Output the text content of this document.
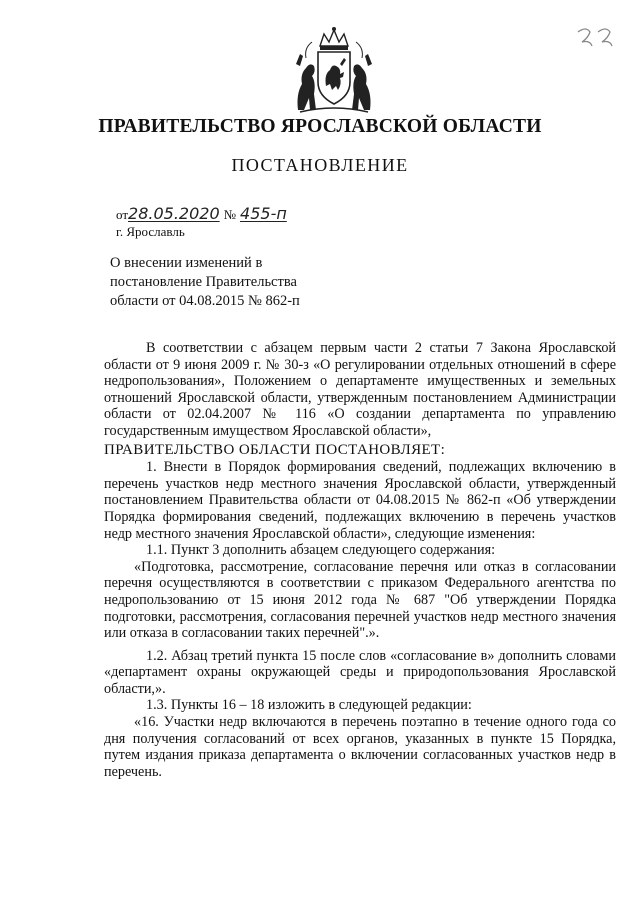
ПРАВИТЕЛЬСТВО ЯРОСЛАВСКОЙ ОБЛАСТИ
ПОСТАНОВЛЕНИЕ
от28.05.2020 № 455-п
г. Ярославль
О внесении изменений в
постановление Правительства
области от 04.08.2015 № 862-п

В соответствии с абзацем первым части 2 статьи 7 Закона Ярославской области от 9 июня 2009 г. № 30-з «О регулировании отдельных отношений в сфере недропользования», Положением о департаменте имущественных и земельных отношений Ярославской области, утвержденным постановлением Администрации области от 02.04.2007 № 116 «О создании департамента по управлению государственным имуществом Ярославской области»,

ПРАВИТЕЛЬСТВО ОБЛАСТИ ПОСТАНОВЛЯЕТ:

1. Внести в Порядок формирования сведений, подлежащих включению в перечень участков недр местного значения Ярославской области, утвержденный постановлением Правительства области от 04.08.2015 № 862-п «Об утверждении Порядка формирования сведений, подлежащих включению в перечень участков недр местного значения Ярославской области», следующие изменения:

1.1. Пункт 3 дополнить абзацем следующего содержания:

«Подготовка, рассмотрение, согласование перечня или отказ в согласовании перечня осуществляются в соответствии с приказом Федерального агентства по недропользованию от 15 июня 2012 года № 687 "Об утверждении Порядка подготовки, рассмотрения, согласования перечней участков недр местного значения или отказа в согласовании таких перечней".».

1.2. Абзац третий пункта 15 после слов «согласование в» дополнить словами «департамент охраны окружающей среды и природопользования Ярославской области,».

1.3. Пункты 16 – 18 изложить в следующей редакции:

«16. Участки недр включаются в перечень поэтапно в течение одного года со дня получения согласований от всех органов, указанных в пункте 15 Порядка, путем издания приказа департамента о включении согласованных участков недр в перечень.
